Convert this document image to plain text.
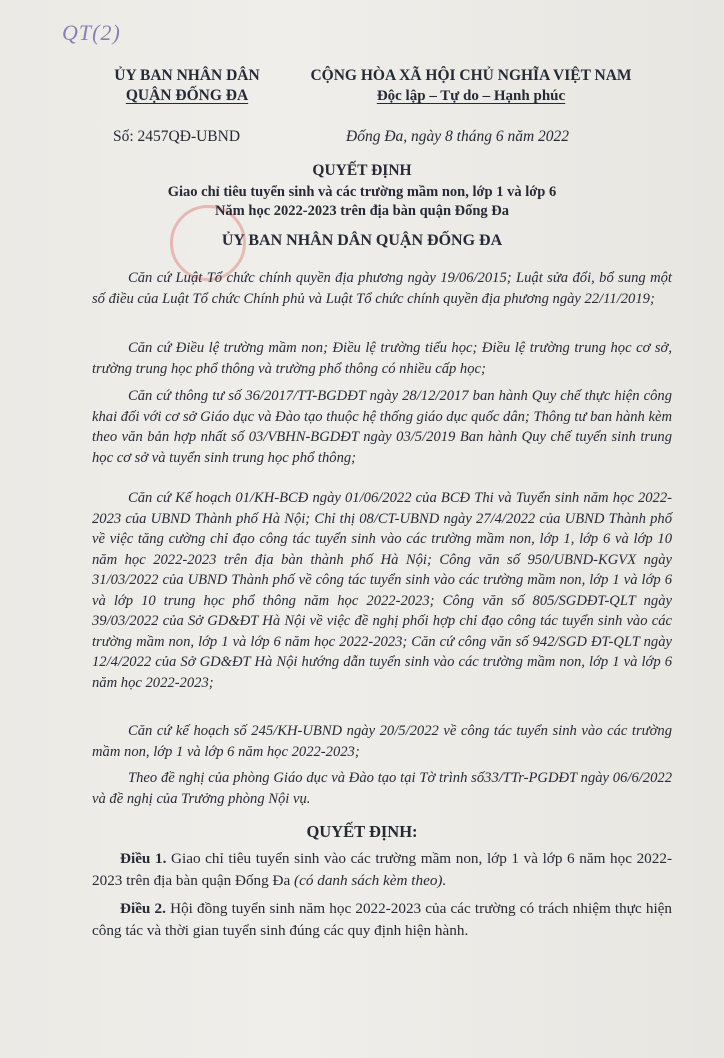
QT(2)
ỦY BAN NHÂN DÂN
QUẬN ĐỐNG ĐA
CỘNG HÒA XÃ HỘI CHỦ NGHĨA VIỆT NAM
Độc lập – Tự do – Hạnh phúc
Số: 2457QĐ-UBND	Đống Đa, ngày 8 tháng 6 năm 2022
QUYẾT ĐỊNH
Giao chỉ tiêu tuyển sinh và các trường mầm non, lớp 1 và lớp 6
Năm học 2022-2023 trên địa bàn quận Đống Đa
ỦY BAN NHÂN DÂN QUẬN ĐỐNG ĐA

Căn cứ Luật Tổ chức chính quyền địa phương ngày 19/06/2015; Luật sửa đổi, bổ sung một số điều của Luật Tổ chức Chính phủ và Luật Tổ chức chính quyền địa phương ngày 22/11/2019;

Căn cứ Điều lệ trường mầm non; Điều lệ trường tiểu học; Điều lệ trường trung học cơ sở, trường trung học phổ thông và trường phổ thông có nhiều cấp học;

Căn cứ thông tư số 36/2017/TT-BGDĐT ngày 28/12/2017 ban hành Quy chế thực hiện công khai đối với cơ sở Giáo dục và Đào tạo thuộc hệ thống giáo dục quốc dân; Thông tư ban hành kèm theo văn bản hợp nhất số 03/VBHN-BGDĐT ngày 03/5/2019 Ban hành Quy chế tuyển sinh trung học cơ sở và tuyển sinh trung học phổ thông;

Căn cứ Kế hoạch 01/KH-BCĐ ngày 01/06/2022 của BCĐ Thi và Tuyển sinh năm học 2022-2023 của UBND Thành phố Hà Nội; Chỉ thị 08/CT-UBND ngày 27/4/2022 của UBND Thành phố về việc tăng cường chỉ đạo công tác tuyển sinh vào các trường mầm non, lớp 1, lớp 6 và lớp 10 năm học 2022-2023 trên địa bàn thành phố Hà Nội; Công văn số 950/UBND-KGVX ngày 31/03/2022 của UBND Thành phố về công tác tuyển sinh vào các trường mầm non, lớp 1 và lớp 6 và lớp 10 trung học phổ thông năm học 2022-2023; Công văn số 805/SGDĐT-QLT ngày 39/03/2022 của Sở GD&ĐT Hà Nội về việc đề nghị phối hợp chỉ đạo công tác tuyển sinh vào các trường mầm non, lớp 1 và lớp 6 năm học 2022-2023; Căn cứ công văn số 942/SGD ĐT-QLT ngày 12/4/2022 của Sở GD&ĐT Hà Nội hướng dẫn tuyển sinh vào các trường mầm non, lớp 1 và lớp 6 năm học 2022-2023;

Căn cứ kế hoạch số 245/KH-UBND ngày 20/5/2022 về công tác tuyển sinh vào các trường mầm non, lớp 1 và lớp 6 năm học 2022-2023;

Theo đề nghị của phòng Giáo dục và Đào tạo tại Tờ trình số33/TTr-PGDĐT ngày 06/6/2022 và đề nghị của Trưởng phòng Nội vụ.

QUYẾT ĐỊNH:

Điều 1. Giao chỉ tiêu tuyển sinh vào các trường mầm non, lớp 1 và lớp 6 năm học 2022-2023 trên địa bàn quận Đống Đa (có danh sách kèm theo).

Điều 2. Hội đồng tuyển sinh năm học 2022-2023 của các trường có trách nhiệm thực hiện công tác và thời gian tuyển sinh đúng các quy định hiện hành.
